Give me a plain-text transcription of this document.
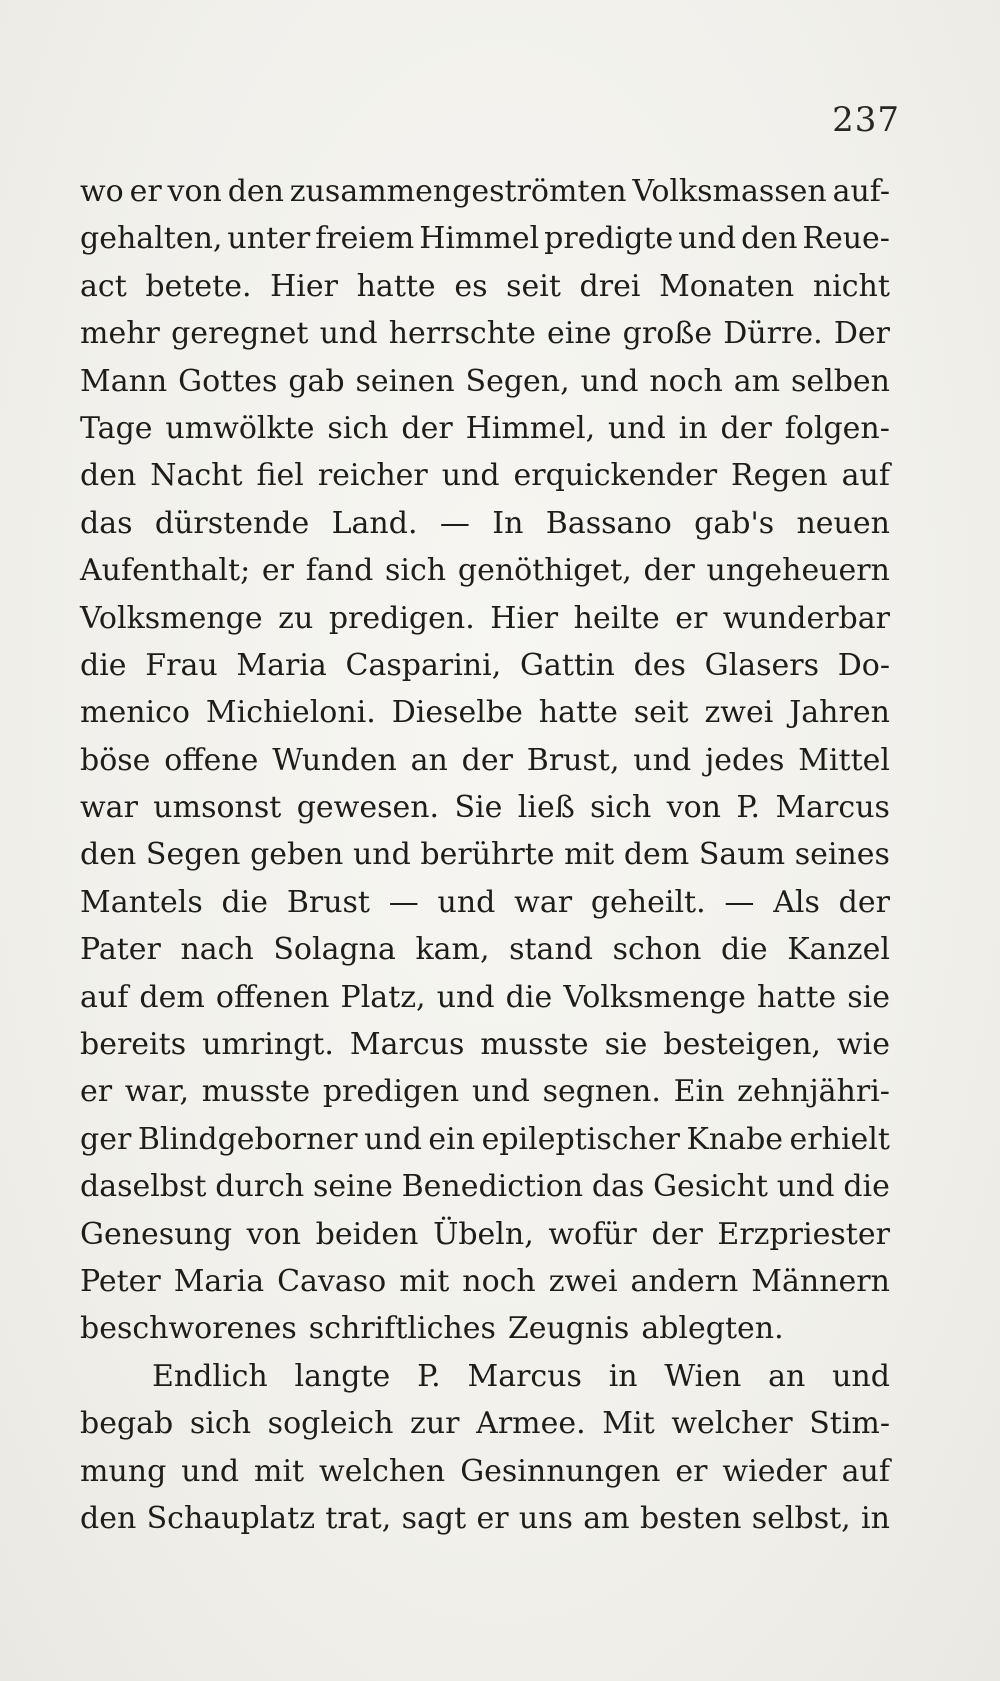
237
wo er von den zusammengeströmten Volksmassen auf-
gehalten, unter freiem Himmel predigte und den Reue-
act betete. Hier hatte es seit drei Monaten nicht
mehr geregnet und herrschte eine große Dürre. Der
Mann Gottes gab seinen Segen, und noch am selben
Tage umwölkte sich der Himmel, und in der folgen-
den Nacht fiel reicher und erquickender Regen auf
das dürstende Land. — In Bassano gab's neuen
Aufenthalt; er fand sich genöthiget, der ungeheuern
Volksmenge zu predigen. Hier heilte er wunderbar
die Frau Maria Casparini, Gattin des Glasers Do-
menico Michieloni. Dieselbe hatte seit zwei Jahren
böse offene Wunden an der Brust, und jedes Mittel
war umsonst gewesen. Sie ließ sich von P. Marcus
den Segen geben und berührte mit dem Saum seines
Mantels die Brust — und war geheilt. — Als der
Pater nach Solagna kam, stand schon die Kanzel
auf dem offenen Platz, und die Volksmenge hatte sie
bereits umringt. Marcus musste sie besteigen, wie
er war, musste predigen und segnen. Ein zehnjähri-
ger Blindgeborner und ein epileptischer Knabe erhielt
daselbst durch seine Benediction das Gesicht und die
Genesung von beiden Übeln, wofür der Erzpriester
Peter Maria Cavaso mit noch zwei andern Männern
beschworenes schriftliches Zeugnis ablegten.
Endlich langte P. Marcus in Wien an und
begab sich sogleich zur Armee. Mit welcher Stim-
mung und mit welchen Gesinnungen er wieder auf
den Schauplatz trat, sagt er uns am besten selbst, in
